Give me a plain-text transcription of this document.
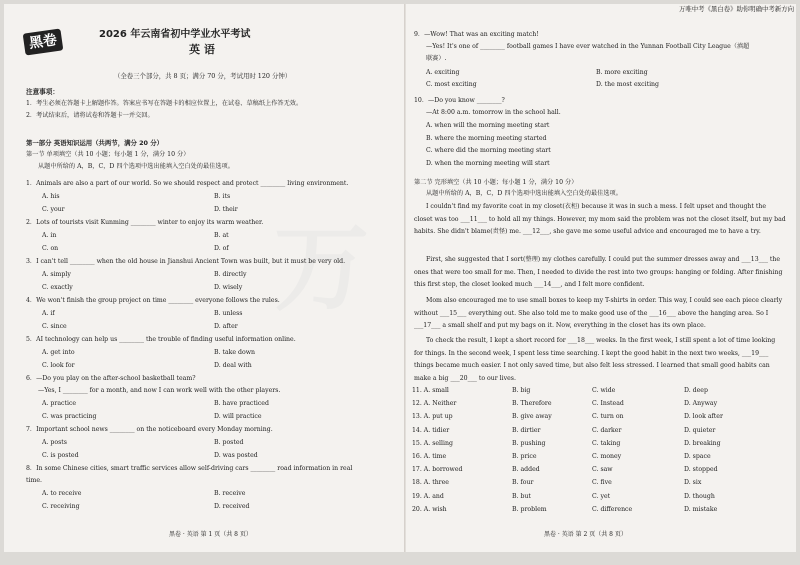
万
黑卷	2026 年云南省初中学业水平考试
英 语
（全卷三个部分，共 8 页；满分 70 分，考试用时 120 分钟）
注意事项：
1．考生必须在答题卡上解题作答。答案应书写在答题卡的相应位置上，在试卷、草稿纸上作答无效。
2．考试结束后，请将试卷和答题卡一并交回。
第一部分 英语知识运用（共两节，满分 20 分）
第一节 单项填空（共 10 小题；每小题 1 分，满分 10 分）
从题中所给的 A，B，C，D 四个选项中选出能填入空白处的最佳选项。
1．Animals are also a part of our world. So we should respect and protect ________ living environment.
A. his	B. its
C. your	D. their
2．Lots of tourists visit Kunming ________ winter to enjoy its warm weather.
A. in	B. at
C. on	D. of
3．I can't tell ________ when the old house in Jianshui Ancient Town was built, but it must be very old.
A. simply	B. directly
C. exactly	D. wisely
4．We won't finish the group project on time ________ everyone follows the rules.
A. if	B. unless
C. since	D. after
5．AI technology can help us ________ the trouble of finding useful information online.
A. get into	B. take down
C. look for	D. deal with
6．—Do you play on the after-school basketball team?
—Yes, I ________ for a month, and now I can work well with the other players.
A. practice	B. have practiced
C. was practicing	D. will practice
7．Important school news ________ on the noticeboard every Monday morning.
A. posts	B. posted
C. is posted	D. was posted
8．In some Chinese cities, smart traffic services allow self-driving cars ________ road information in real
time.
A. to receive	B. receive
C. receiving	D. received
黑卷 · 英语 第 1 页（共 8 页）
万唯中考《黑白卷》助你明确中考新方向
9．—Wow! That was an exciting match!
—Yes! It's one of ________ football games I have ever watched in the Yunnan Football City League（滇超
联赛）.
A. exciting	B. more exciting
C. most exciting	D. the most exciting
10．—Do you know ________?
—At 8:00 a.m. tomorrow in the school hall.
A. when will the morning meeting start
B. where the morning meeting started
C. where did the morning meeting start
D. when the morning meeting will start
第二节 完形填空（共 10 小题；每小题 1 分，满分 10 分）
从题中所给的 A，B，C，D 四个选项中选出能填入空白处的最佳选项。
I couldn't find my favorite coat in my closet(衣柜) because it was in such a mess. I felt upset and thought the closet was too ___11___ to hold all my things. However, my mom said the problem was not the closet itself, but my bad habits. She didn't blame(责怪) me. ___12___, she gave me some useful advice and encouraged me to have a try.
First, she suggested that I sort(整理) my clothes carefully. I could put the summer dresses away and ___13___ the ones that were too small for me. Then, I needed to divide the rest into two groups: hanging or folding. After finishing this first step, the closet looked much ___14___, and I felt more confident.
Mom also encouraged me to use small boxes to keep my T-shirts in order. This way, I could see each piece clearly without ___15___ everything out. She also told me to make good use of the ___16___ above the hanging area. So I ___17___ a small shelf and put my bags on it. Now, everything in the closet has its own place.
To check the result, I kept a short record for ___18___ weeks. In the first week, I still spent a lot of time looking for things. In the second week, I spent less time searching. I kept the good habit in the next two weeks, ___19___ things became much easier. I not only saved time, but also felt less stressed. I learned that small good habits can make a big ___20___ to our lives.
11. A. small	B. big	C. wide	D. deep
12. A. Neither	B. Therefore	C. Instead	D. Anyway
13. A. put up	B. give away	C. turn on	D. look after
14. A. tidier	B. dirtier	C. darker	D. quieter
15. A. selling	B. pushing	C. taking	D. breaking
16. A. time	B. price	C. money	D. space
17. A. borrowed	B. added	C. saw	D. stopped
18. A. three	B. four	C. five	D. six
19. A. and	B. but	C. yet	D. though
20. A. wish	B. problem	C. difference	D. mistake
黑卷 · 英语 第 2 页（共 8 页）
